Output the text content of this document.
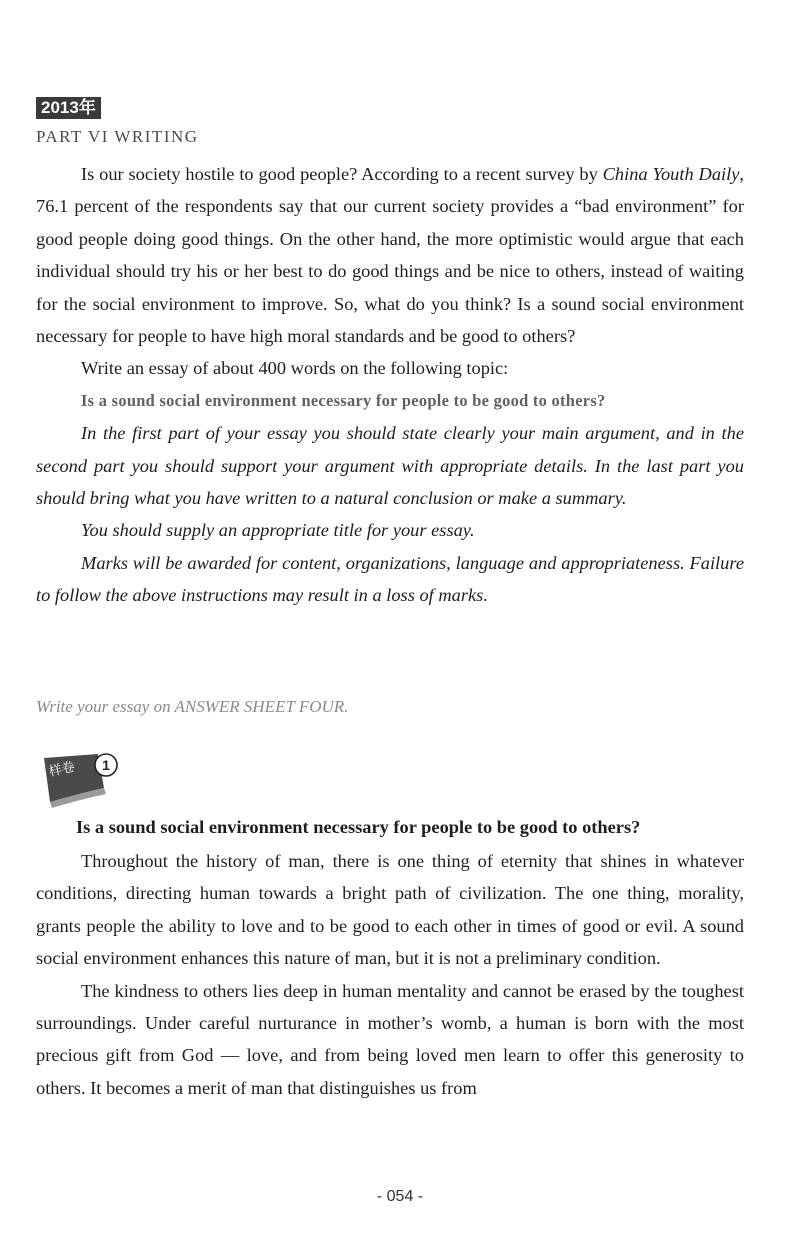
2013年
PART VI WRITING

Is our society hostile to good people? According to a recent survey by China Youth Daily, 76.1 percent of the respondents say that our current society provides a “bad environment” for good people doing good things. On the other hand, the more optimistic would argue that each individual should try his or her best to do good things and be nice to others, instead of waiting for the social environment to improve. So, what do you think? Is a sound social environment necessary for people to have high moral standards and be good to others?

Write an essay of about 400 words on the following topic:

Is a sound social environment necessary for people to be good to others?

In the first part of your essay you should state clearly your main argument, and in the second part you should support your argument with appropriate details. In the last part you should bring what you have written to a natural conclusion or make a summary.

You should supply an appropriate title for your essay.

Marks will be awarded for content, organizations, language and appropriateness. Failure to follow the above instructions may result in a loss of marks.

Write your essay on ANSWER SHEET FOUR.
样卷 1
Is a sound social environment necessary for people to be good to others?

Throughout the history of man, there is one thing of eternity that shines in whatever conditions, directing human towards a bright path of civilization. The one thing, morality, grants people the ability to love and to be good to each other in times of good or evil. A sound social environment enhances this nature of man, but it is not a preliminary condition.

The kindness to others lies deep in human mentality and cannot be erased by the toughest surroundings. Under careful nurturance in mother’s womb, a human is born with the most precious gift from God — love, and from being loved men learn to offer this generosity to others. It becomes a merit of man that distinguishes us from

- 054 -
